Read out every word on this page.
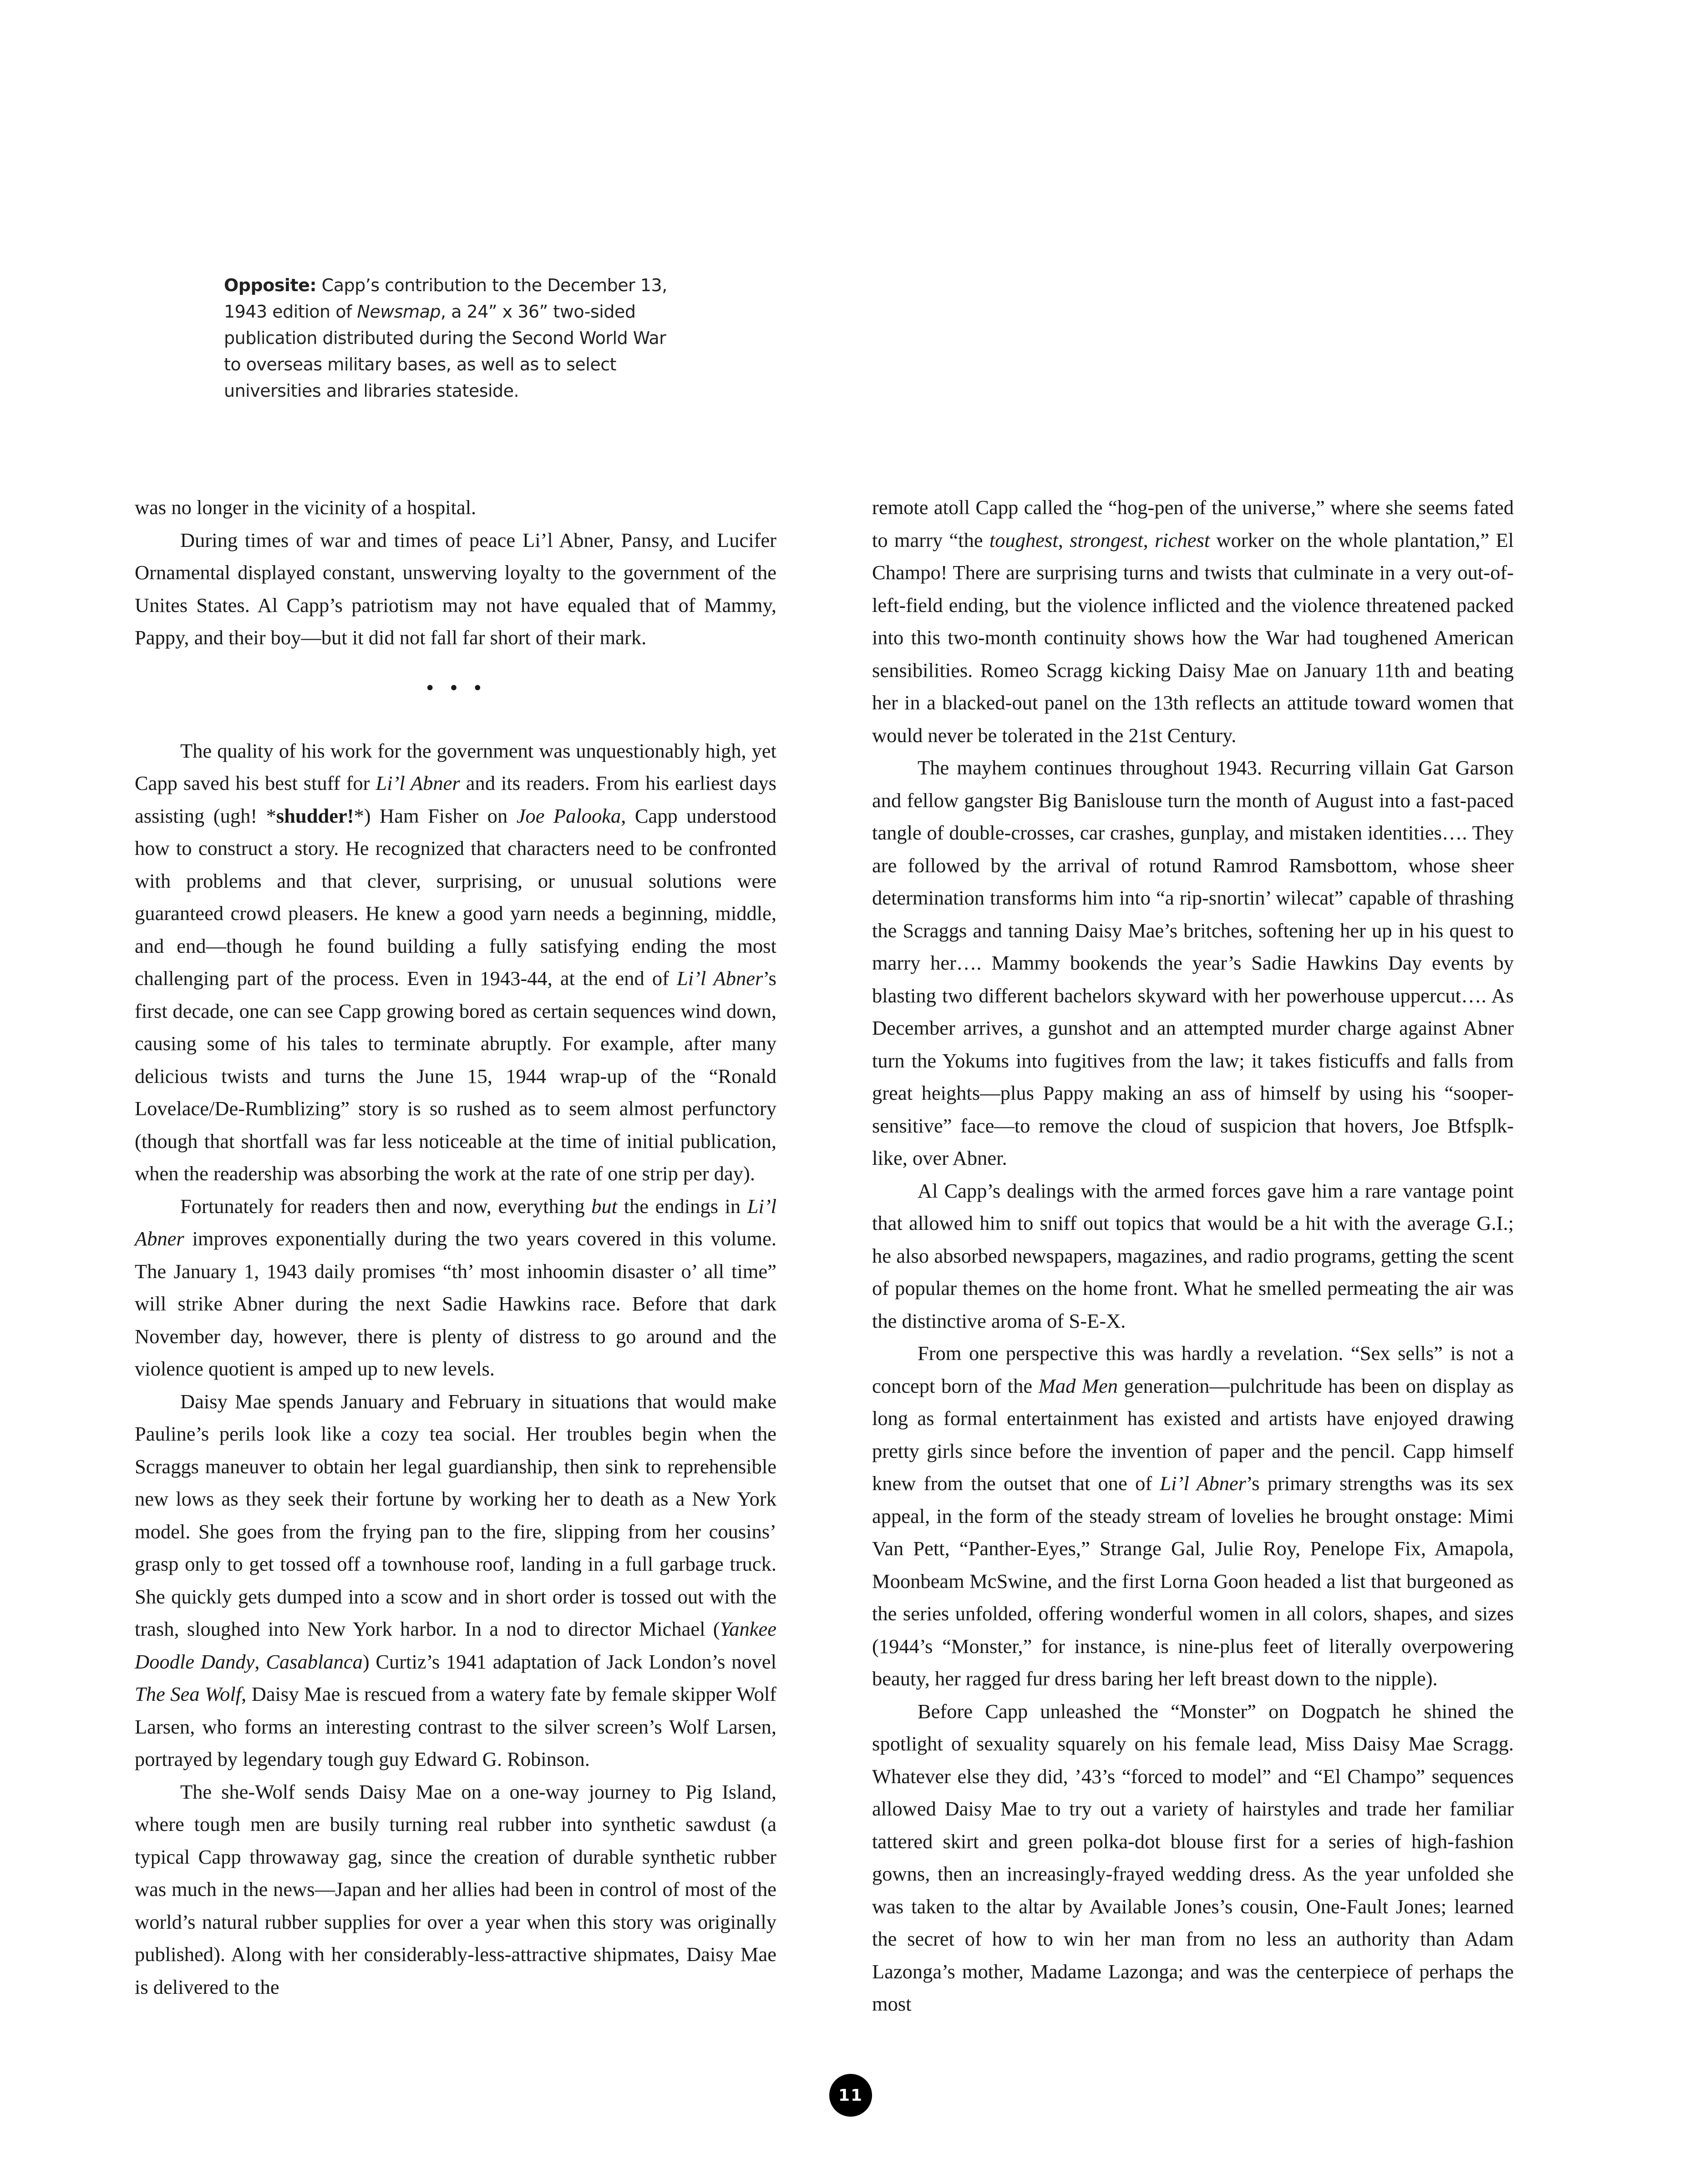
Opposite: Capp’s contribution to the December 13, 1943 edition of Newsmap, a 24” x 36” two-sided publication distributed during the Second World War to overseas military bases, as well as to select universities and libraries stateside.

was no longer in the vicinity of a hospital.

During times of war and times of peace Li’l Abner, Pansy, and Lucifer Ornamental displayed constant, unswerving loyalty to the government of the Unites States. Al Capp’s patriotism may not have equaled that of Mammy, Pappy, and their boy—but it did not fall far short of their mark.

• • •

The quality of his work for the government was unquestionably high, yet Capp saved his best stuff for Li’l Abner and its readers. From his earliest days assisting (ugh! *shudder!*) Ham Fisher on Joe Palooka, Capp understood how to construct a story. He recognized that characters need to be confronted with problems and that clever, surprising, or unusual solutions were guaranteed crowd pleasers. He knew a good yarn needs a beginning, middle, and end—though he found building a fully satisfying ending the most challenging part of the process. Even in 1943-44, at the end of Li’l Abner’s first decade, one can see Capp growing bored as certain sequences wind down, causing some of his tales to terminate abruptly. For example, after many delicious twists and turns the June 15, 1944 wrap-up of the “Ronald Lovelace/De-Rumblizing” story is so rushed as to seem almost perfunctory (though that shortfall was far less noticeable at the time of initial publication, when the readership was absorbing the work at the rate of one strip per day).

Fortunately for readers then and now, everything but the endings in Li’l Abner improves exponentially during the two years covered in this volume. The January 1, 1943 daily promises “th’ most inhoomin disaster o’ all time” will strike Abner during the next Sadie Hawkins race. Before that dark November day, however, there is plenty of distress to go around and the violence quotient is amped up to new levels.

Daisy Mae spends January and February in situations that would make Pauline’s perils look like a cozy tea social. Her troubles begin when the Scraggs maneuver to obtain her legal guardianship, then sink to reprehensible new lows as they seek their fortune by working her to death as a New York model. She goes from the frying pan to the fire, slipping from her cousins’ grasp only to get tossed off a townhouse roof, landing in a full garbage truck. She quickly gets dumped into a scow and in short order is tossed out with the trash, sloughed into New York harbor. In a nod to director Michael (Yankee Doodle Dandy, Casablanca) Curtiz’s 1941 adaptation of Jack London’s novel The Sea Wolf, Daisy Mae is rescued from a watery fate by female skipper Wolf Larsen, who forms an interesting contrast to the silver screen’s Wolf Larsen, portrayed by legendary tough guy Edward G. Robinson.

The she-Wolf sends Daisy Mae on a one-way journey to Pig Island, where tough men are busily turning real rubber into synthetic sawdust (a typical Capp throwaway gag, since the creation of durable synthetic rubber was much in the news—Japan and her allies had been in control of most of the world’s natural rubber supplies for over a year when this story was originally published). Along with her considerably-less-attractive shipmates, Daisy Mae is delivered to the

remote atoll Capp called the “hog-pen of the universe,” where she seems fated to marry “the toughest, strongest, richest worker on the whole plantation,” El Champo! There are surprising turns and twists that culminate in a very out-of-left-field ending, but the violence inflicted and the violence threatened packed into this two-month continuity shows how the War had toughened American sensibilities. Romeo Scragg kicking Daisy Mae on January 11th and beating her in a blacked-out panel on the 13th reflects an attitude toward women that would never be tolerated in the 21st Century.

The mayhem continues throughout 1943. Recurring villain Gat Garson and fellow gangster Big Banislouse turn the month of August into a fast-paced tangle of double-crosses, car crashes, gunplay, and mistaken identities…. They are followed by the arrival of rotund Ramrod Ramsbottom, whose sheer determination transforms him into “a rip-snortin’ wilecat” capable of thrashing the Scraggs and tanning Daisy Mae’s britches, softening her up in his quest to marry her…. Mammy bookends the year’s Sadie Hawkins Day events by blasting two different bachelors skyward with her powerhouse uppercut…. As December arrives, a gunshot and an attempted murder charge against Abner turn the Yokums into fugitives from the law; it takes fisticuffs and falls from great heights—plus Pappy making an ass of himself by using his “sooper-sensitive” face—to remove the cloud of suspicion that hovers, Joe Btfsplk-like, over Abner.

Al Capp’s dealings with the armed forces gave him a rare vantage point that allowed him to sniff out topics that would be a hit with the average G.I.; he also absorbed newspapers, magazines, and radio programs, getting the scent of popular themes on the home front. What he smelled permeating the air was the distinctive aroma of S-E-X.

From one perspective this was hardly a revelation. “Sex sells” is not a concept born of the Mad Men generation—pulchritude has been on display as long as formal entertainment has existed and artists have enjoyed drawing pretty girls since before the invention of paper and the pencil. Capp himself knew from the outset that one of Li’l Abner’s primary strengths was its sex appeal, in the form of the steady stream of lovelies he brought onstage: Mimi Van Pett, “Panther-Eyes,” Strange Gal, Julie Roy, Penelope Fix, Amapola, Moonbeam McSwine, and the first Lorna Goon headed a list that burgeoned as the series unfolded, offering wonderful women in all colors, shapes, and sizes (1944’s “Monster,” for instance, is nine-plus feet of literally overpowering beauty, her ragged fur dress baring her left breast down to the nipple).

Before Capp unleashed the “Monster” on Dogpatch he shined the spotlight of sexuality squarely on his female lead, Miss Daisy Mae Scragg. Whatever else they did, ’43’s “forced to model” and “El Champo” sequences allowed Daisy Mae to try out a variety of hairstyles and trade her familiar tattered skirt and green polka-dot blouse first for a series of high-fashion gowns, then an increasingly-frayed wedding dress. As the year unfolded she was taken to the altar by Available Jones’s cousin, One-Fault Jones; learned the secret of how to win her man from no less an authority than Adam Lazonga’s mother, Madame Lazonga; and was the centerpiece of perhaps the most

11
